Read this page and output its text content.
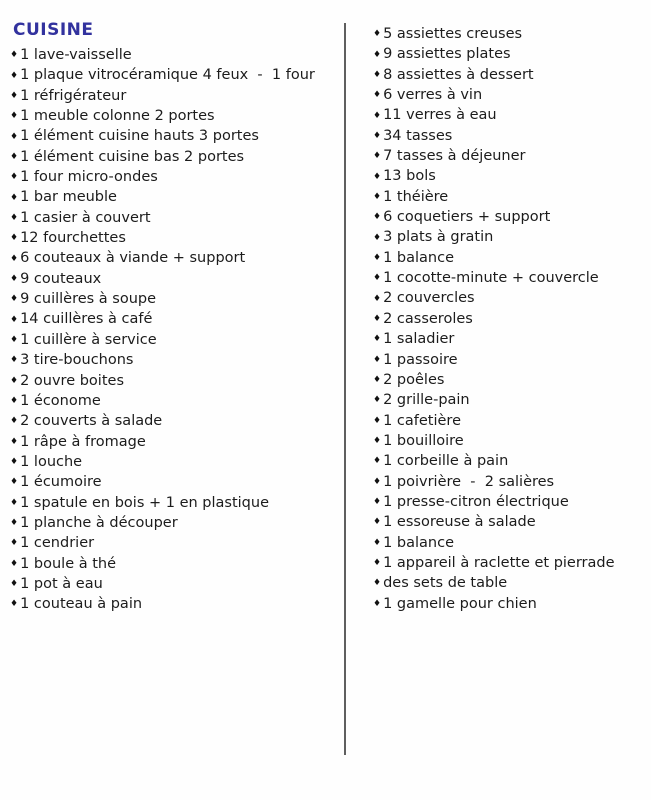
CUISINE
♦ 1 lave-vaisselle
♦ 1 plaque vitrocéramique 4 feux  -  1 four
♦ 1 réfrigérateur
♦ 1 meuble colonne 2 portes
♦ 1 élément cuisine hauts 3 portes
♦ 1 élément cuisine bas 2 portes
♦ 1 four micro-ondes
♦ 1 bar meuble
♦ 1 casier à couvert
♦ 12 fourchettes
♦ 6 couteaux à viande + support
♦ 9 couteaux
♦ 9 cuillères à soupe
♦ 14 cuillères à café
♦ 1 cuillère à service
♦ 3 tire-bouchons
♦ 2 ouvre boites
♦ 1 économe
♦ 2 couverts à salade
♦ 1 râpe à fromage
♦ 1 louche
♦ 1 écumoire
♦ 1 spatule en bois + 1 en plastique
♦ 1 planche à découper
♦ 1 cendrier
♦ 1 boule à thé
♦ 1 pot à eau
♦ 1 couteau à pain
♦ 5 assiettes creuses
♦ 9 assiettes plates
♦ 8 assiettes à dessert
♦ 6 verres à vin
♦ 11 verres à eau
♦ 34 tasses
♦ 7 tasses à déjeuner
♦ 13 bols
♦ 1 théière
♦ 6 coquetiers + support
♦ 3 plats à gratin
♦ 1 balance
♦ 1 cocotte-minute + couvercle
♦ 2 couvercles
♦ 2 casseroles
♦ 1 saladier
♦ 1 passoire
♦ 2 poêles
♦ 2 grille-pain
♦ 1 cafetière
♦ 1 bouilloire
♦ 1 corbeille à pain
♦ 1 poivrière  -  2 salières
♦ 1 presse-citron électrique
♦ 1 essoreuse à salade
♦ 1 balance
♦ 1 appareil à raclette et pierrade
♦ des sets de table
♦ 1 gamelle pour chien
